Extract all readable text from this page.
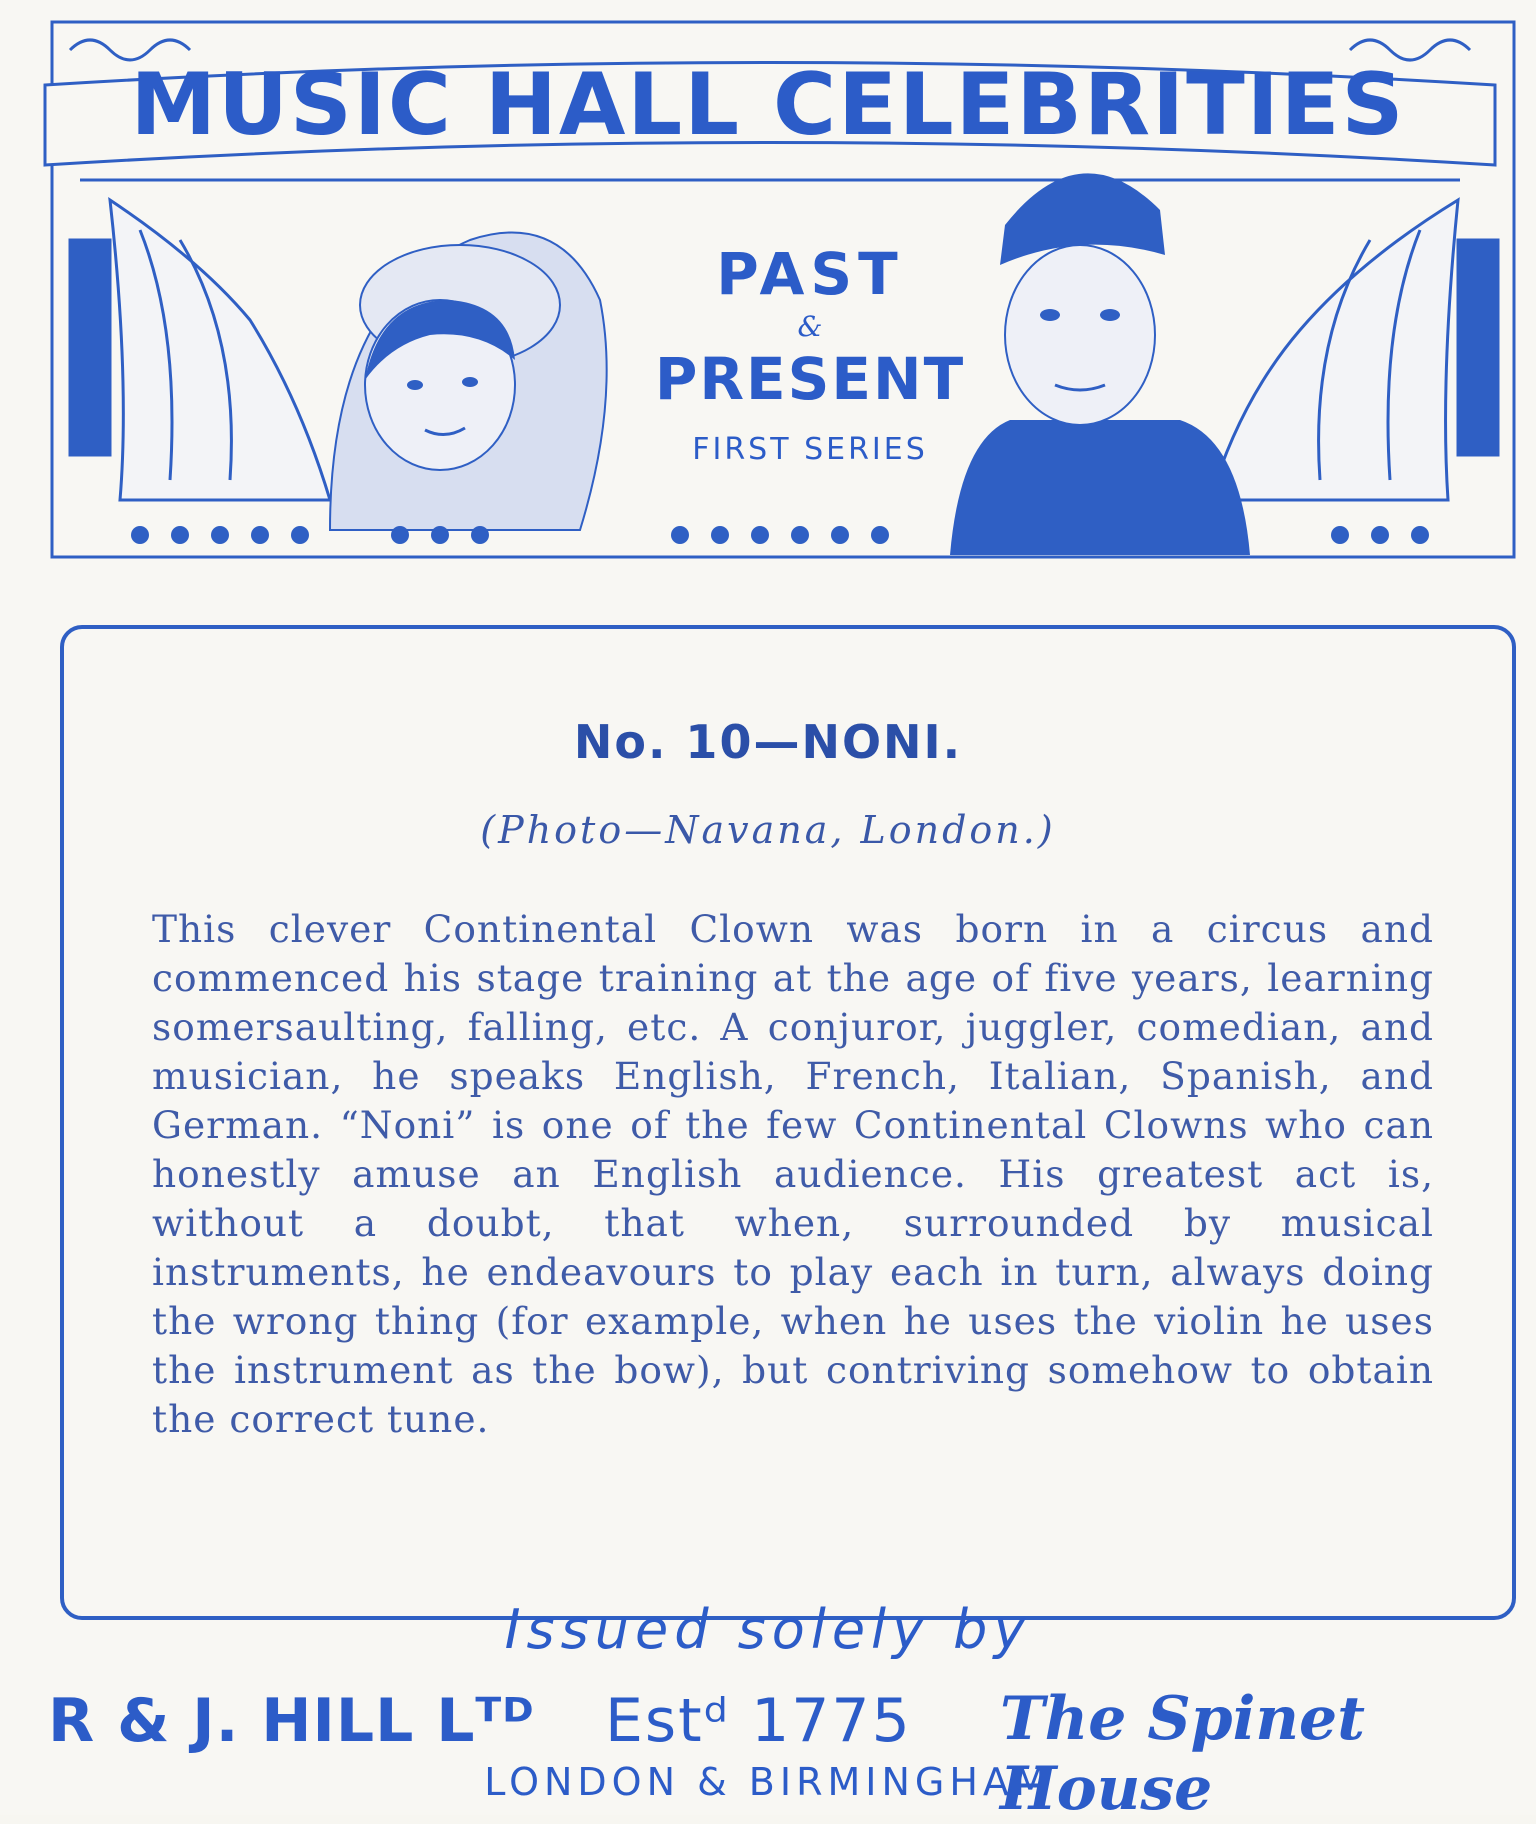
MUSIC HALL CELEBRITIES
PAST
&
PRESENT
FIRST SERIES
No. 10—NONI.
(Photo—Navana, London.)
This clever Continental Clown was born in a circus and commenced his stage training at the age of five years, learning somersaulting, falling, etc. A conjuror, juggler, comedian, and musician, he speaks English, French, Italian, Spanish, and German. “Noni” is one of the few Continental Clowns who can honestly amuse an English audience. His greatest act is, without a doubt, that when, surrounded by musical instruments, he endeavours to play each in turn, always doing the wrong thing (for example, when he uses the violin he uses the instrument as the bow), but contriving somehow to obtain the correct tune.
Issued solely by
R & J. HILL Lᵀᴰ Estᵈ 1775 The Spinet House
LONDON & BIRMINGHAM
